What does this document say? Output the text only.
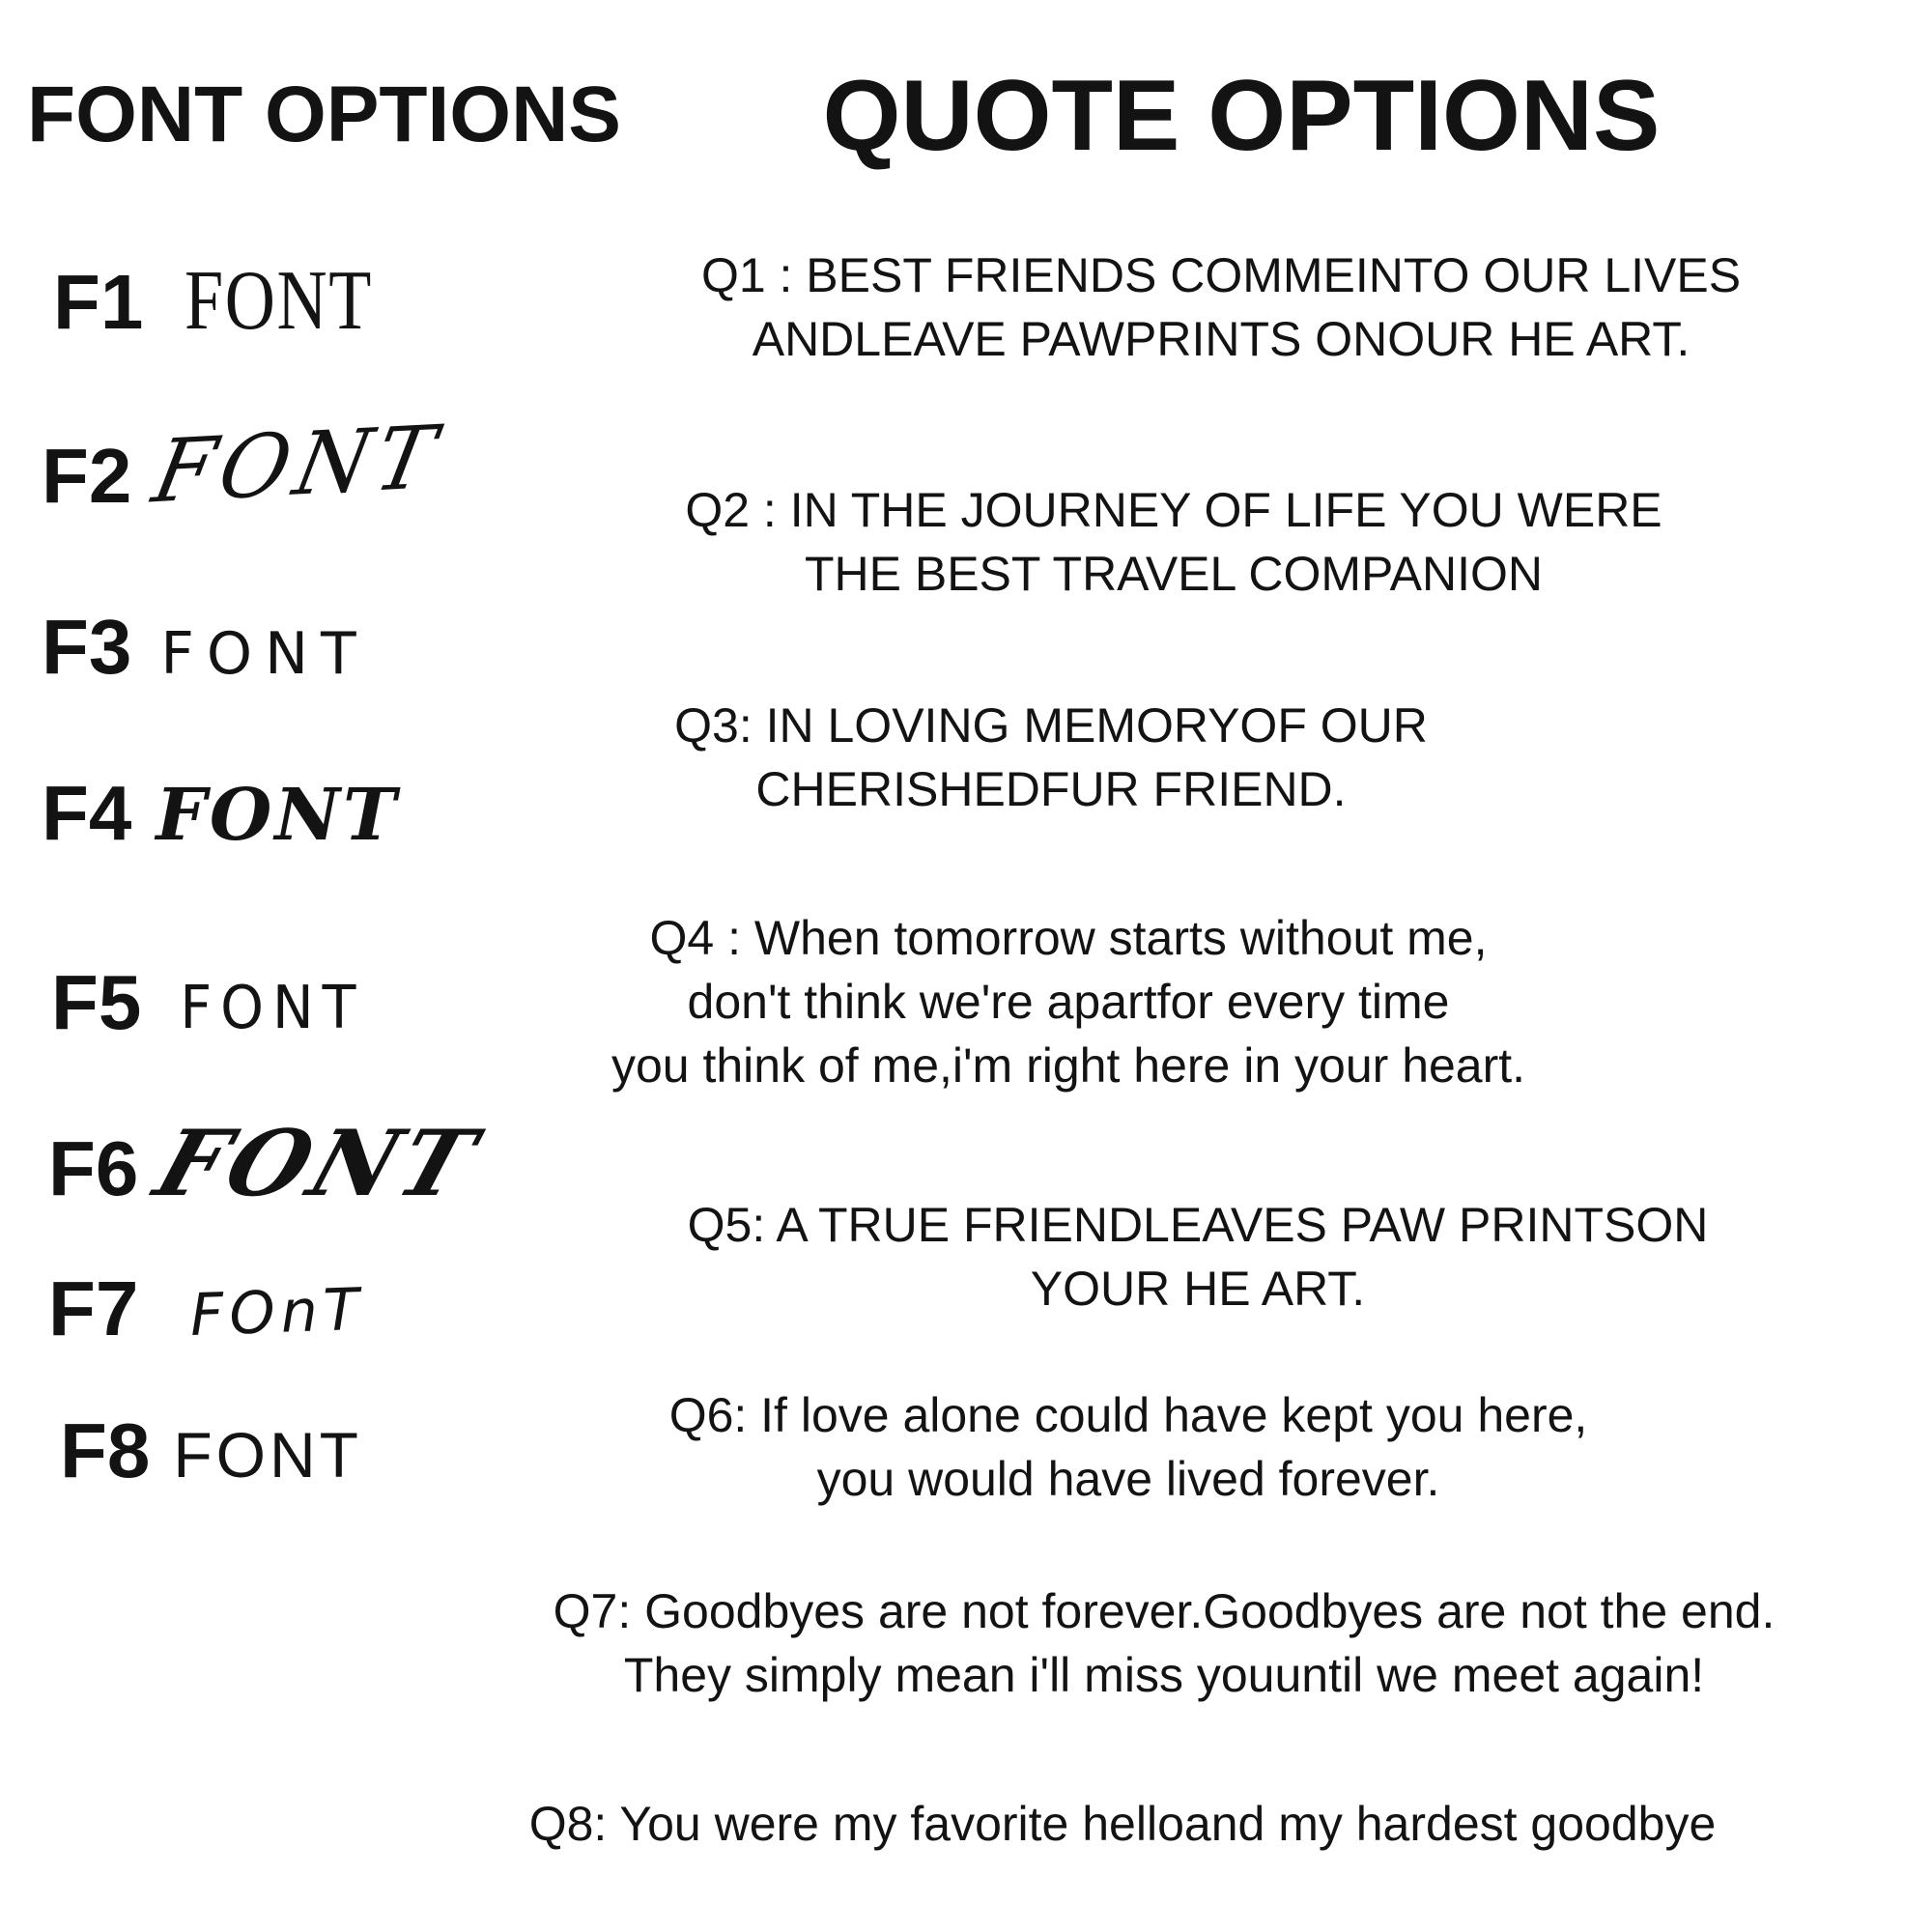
FONT OPTIONS QUOTE OPTIONS
F1 FONT
F2 FONT
F3 FONT
F4 FONT
F5 FONT
F6 FONT
F7 FOnT
F8 FONT
Q1 : BEST FRIENDS COMMEINTO OUR LIVES
ANDLEAVE PAWPRINTS ONOUR HE ART.
Q2 : IN THE JOURNEY OF LIFE YOU WERE
THE BEST TRAVEL COMPANION
Q3: IN LOVING MEMORYOF OUR
CHERISHEDFUR FRIEND.
Q4 : When tomorrow starts without me,
don't think we're apartfor every time
you think of me,i'm right here in your heart.
Q5: A TRUE FRIENDLEAVES PAW PRINTSON
YOUR HE ART.
Q6: If love alone could have kept you here,
you would have lived forever.
Q7: Goodbyes are not forever.Goodbyes are not the end.
They simply mean i'll miss youuntil we meet again!
Q8: You were my favorite helloand my hardest goodbye
